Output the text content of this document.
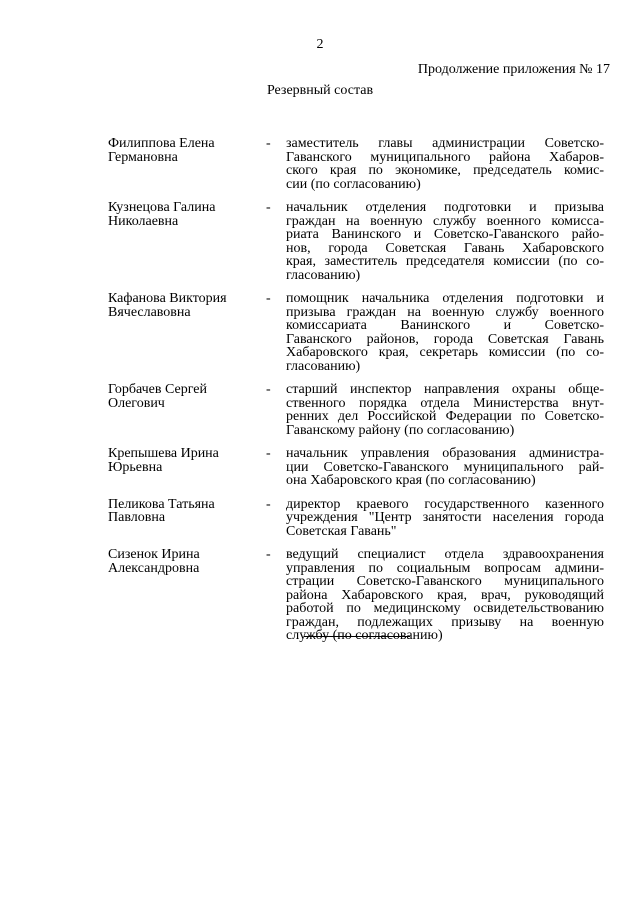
2
Продолжение приложения № 17
Резервный состав
Филиппова Елена
Германовна
-	заместитель главы администрации Советско-
Гаванского муниципального района Хабаров-
ского края по экономике, председатель комис-
сии (по согласованию)
Кузнецова Галина
Николаевна
-	начальник отделения подготовки и призыва
граждан на военную службу военного комисса-
риата Ванинского и Советско-Гаванского райо-
нов, города Советская Гавань Хабаровского
края, заместитель председателя комиссии (по со-
гласованию)
Кафанова Виктория
Вячеславовна
-	помощник начальника отделения подготовки и
призыва граждан на военную службу военного
комиссариата Ванинского и Советско-
Гаванского районов, города Советская Гавань
Хабаровского края, секретарь комиссии (по со-
гласованию)
Горбачев Сергей
Олегович
-	старший инспектор направления охраны обще-
ственного порядка отдела Министерства внут-
ренних дел Российской Федерации по Советско-
Гаванскому району (по согласованию)
Крепышева Ирина
Юрьевна
-	начальник управления образования администра-
ции Советско-Гаванского муниципального рай-
она Хабаровского края (по согласованию)
Пеликова Татьяна
Павловна
-	директор краевого государственного казенного
учреждения "Центр занятости населения города
Советская Гавань"
Сизенок Ирина
Александровна
-	ведущий специалист отдела здравоохранения
управления по социальным вопросам админи-
страции Советско-Гаванского муниципального
района Хабаровского края, врач, руководящий
работой по медицинскому освидетельствованию
граждан, подлежащих призыву на военную
службу (по согласованию)
